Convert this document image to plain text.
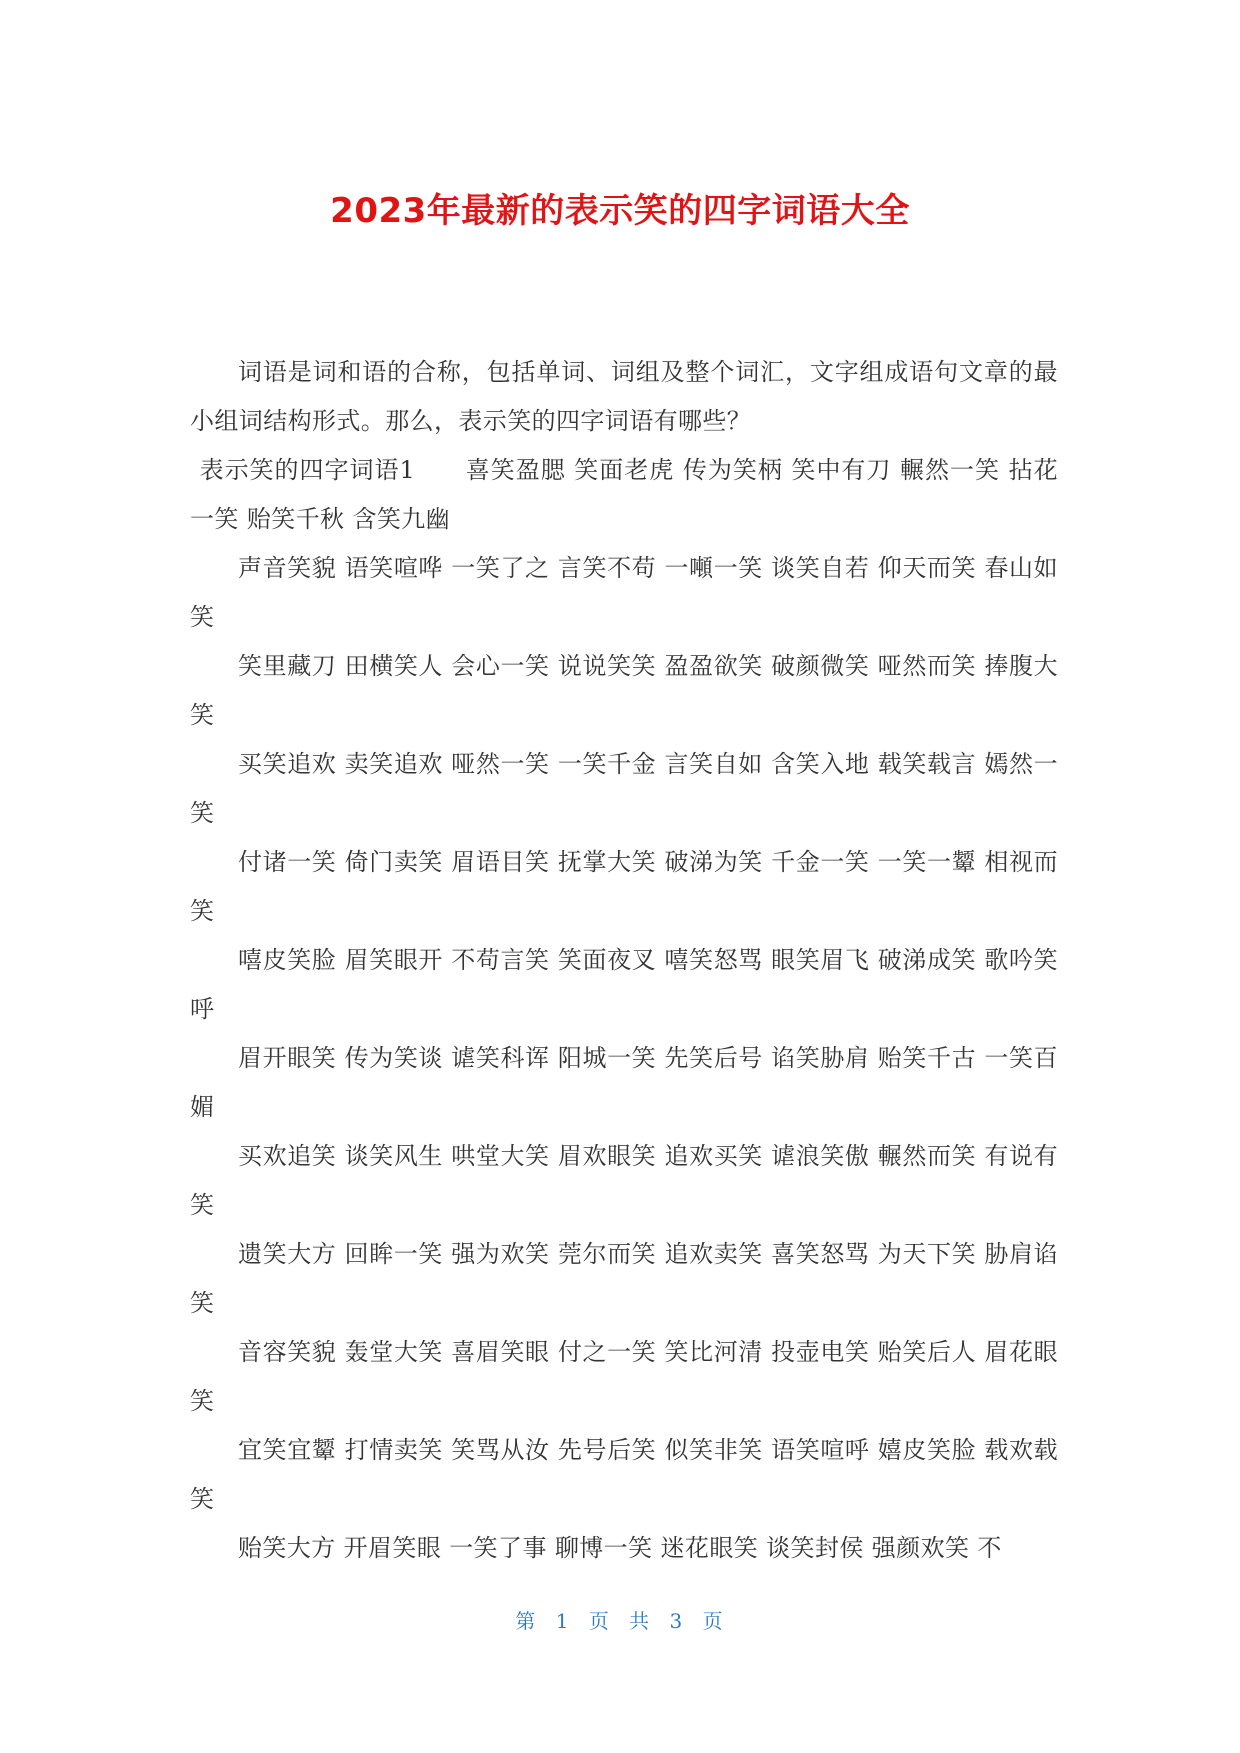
2023年最新的表示笑的四字词语大全

词语是词和语的合称，包括单词、词组及整个词汇，文字组成语句文章的最小组词结构形式。那么，表示笑的四字词语有哪些？

表示笑的四字词语1　　喜笑盈腮 笑面老虎 传为笑柄 笑中有刀 輾然一笑 拈花一笑 贻笑千秋 含笑九幽

声音笑貌 语笑喧哗 一笑了之 言笑不苟 一噸一笑 谈笑自若 仰天而笑 春山如笑

笑里藏刀 田横笑人 会心一笑 说说笑笑 盈盈欲笑 破颜微笑 哑然而笑 捧腹大笑

买笑追欢 卖笑追欢 哑然一笑 一笑千金 言笑自如 含笑入地 载笑载言 嫣然一笑

付诸一笑 倚门卖笑 眉语目笑 抚掌大笑 破涕为笑 千金一笑 一笑一颦 相视而笑

嘻皮笑脸 眉笑眼开 不苟言笑 笑面夜叉 嘻笑怒骂 眼笑眉飞 破涕成笑 歌吟笑呼

眉开眼笑 传为笑谈 谑笑科诨 阳城一笑 先笑后号 谄笑胁肩 贻笑千古 一笑百媚

买欢追笑 谈笑风生 哄堂大笑 眉欢眼笑 追欢买笑 谑浪笑傲 輾然而笑 有说有笑

遗笑大方 回眸一笑 强为欢笑 莞尔而笑 追欢卖笑 喜笑怒骂 为天下笑 胁肩谄笑

音容笑貌 轰堂大笑 喜眉笑眼 付之一笑 笑比河清 投壶电笑 贻笑后人 眉花眼笑

宜笑宜颦 打情卖笑 笑骂从汝 先号后笑 似笑非笑 语笑喧呼 嬉皮笑脸 载欢载笑

贻笑大方 开眉笑眼 一笑了事 聊博一笑 迷花眼笑 谈笑封侯 强颜欢笑 不

第 1 页 共 3 页
